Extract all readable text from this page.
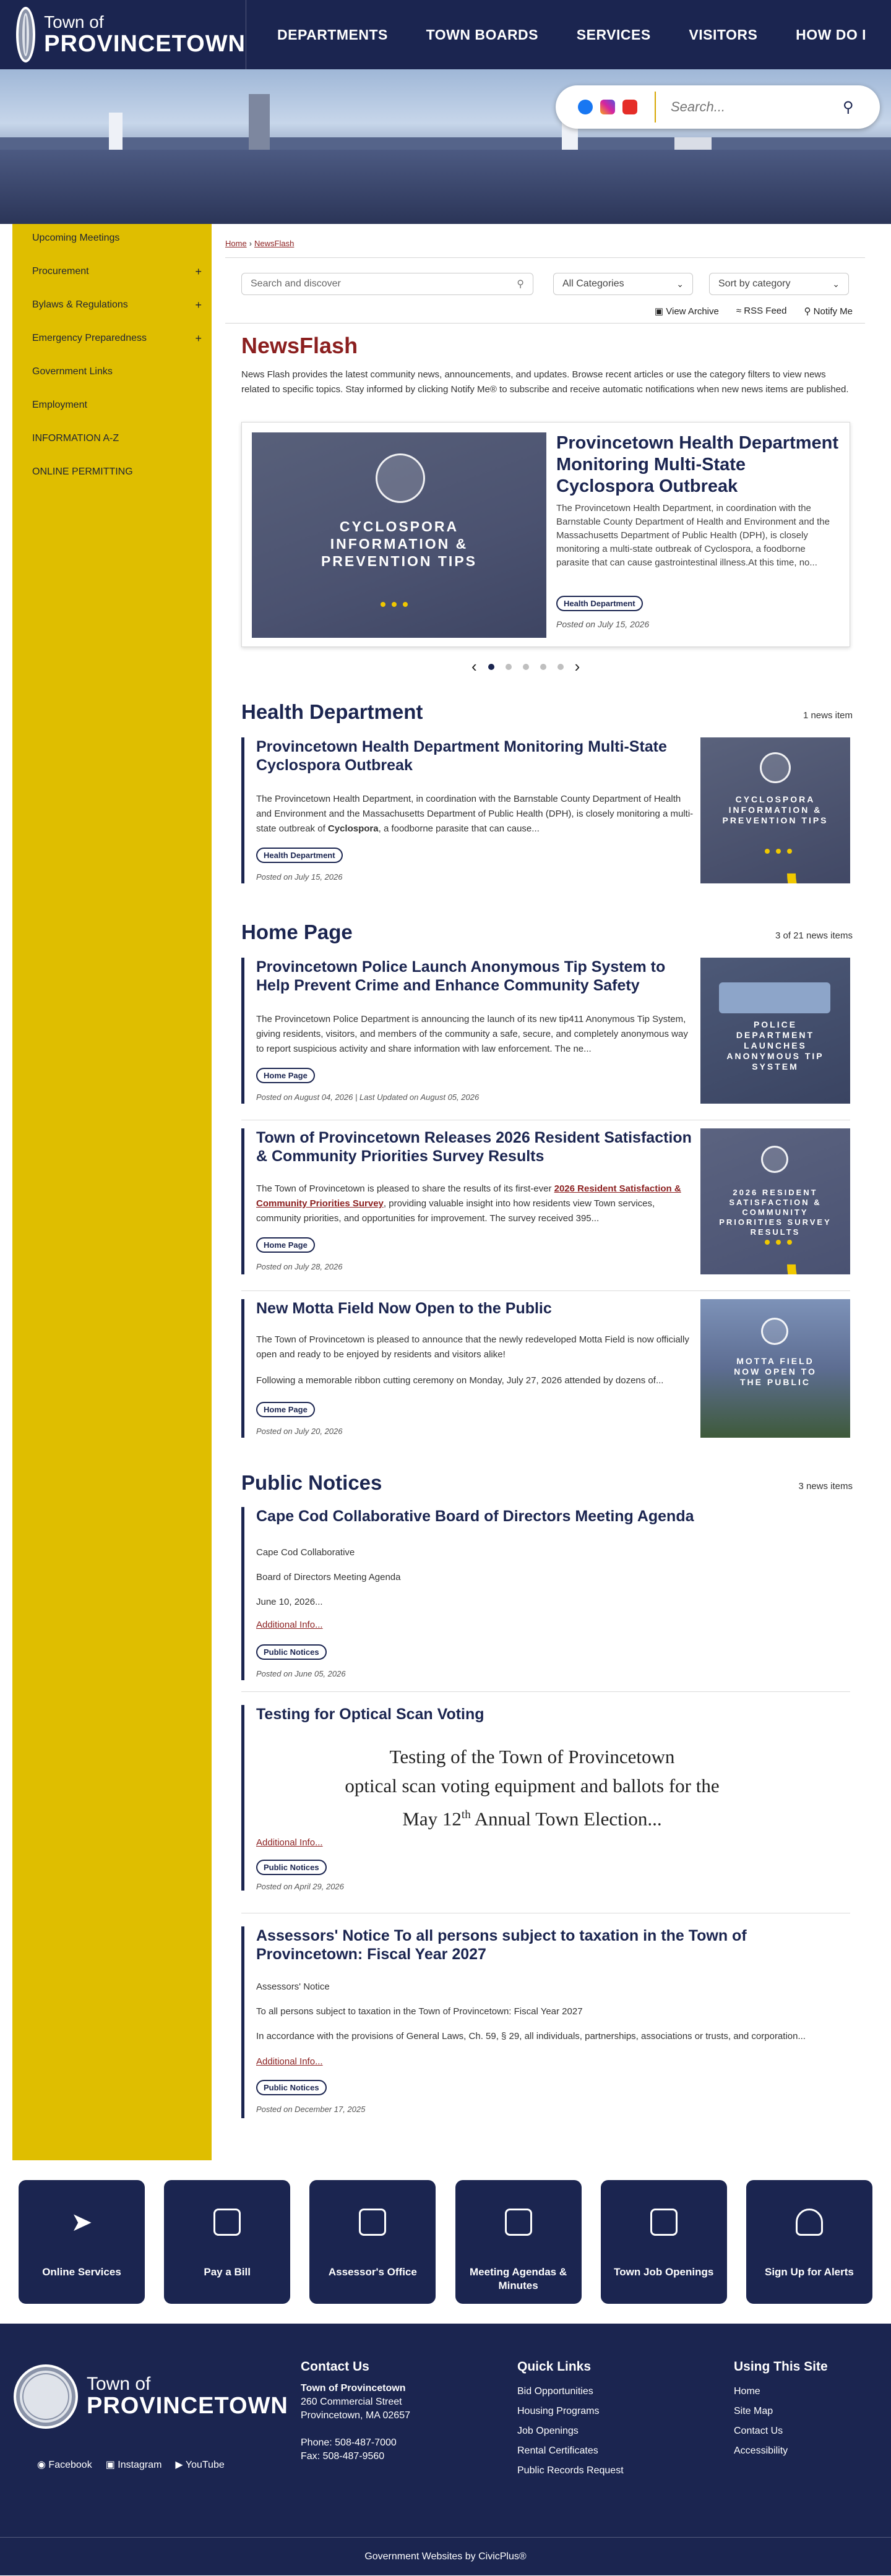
Town of
PROVINCETOWN DEPARTMENTS	TOWN BOARDS	SERVICES	VISITORS	HOW DO I
Search...
⚲
Upcoming Meetings
Procurement	+
Bylaws & Regulations	+
Emergency Preparedness	+
Government Links
Employment
INFORMATION A-Z
ONLINE PERMITTING
Home › NewsFlash
Search and discover	⚲	All Categories	⌄	Sort by category	⌄
▣ View Archive ≈ RSS Feed ⚲ Notify Me
NewsFlash

News Flash provides the latest community news, announcements, and updates. Browse recent articles or use the category filters to view news related to specific topics. Stay informed by clicking Notify Me® to subscribe and receive automatic notifications when new news items are published.

CYCLOSPORA INFORMATION & PREVENTION TIPS
Provincetown Health Department Monitoring Multi-State Cyclospora Outbreak

The Provincetown Health Department, in coordination with the Barnstable County Department of Health and Environment and the Massachusetts Department of Public Health (DPH), is closely monitoring a multi-state outbreak of Cyclospora, a foodborne parasite that can cause gastrointestinal illness.At this time, no...

Health Department
Posted on July 15, 2026
‹	›
Health Department	1 news item
Provincetown Health Department Monitoring Multi-State Cyclospora Outbreak

The Provincetown Health Department, in coordination with the Barnstable County Department of Health and Environment and the Massachusetts Department of Public Health (DPH), is closely monitoring a multi-state outbreak of Cyclospora, a foodborne parasite that can cause...

Health Department
Posted on July 15, 2026
CYCLOSPORA INFORMATION & PREVENTION TIPS
Home Page	3 of 21 news items
Provincetown Police Launch Anonymous Tip System to Help Prevent Crime and Enhance Community Safety

The Provincetown Police Department is announcing the launch of its new tip411 Anonymous Tip System, giving residents, visitors, and members of the community a safe, secure, and completely anonymous way to report suspicious activity and share information with law enforcement. The ne...

Home Page
Posted on August 04, 2026 | Last Updated on August 05, 2026
POLICE DEPARTMENT LAUNCHES ANONYMOUS TIP SYSTEM
Town of Provincetown Releases 2026 Resident Satisfaction & Community Priorities Survey Results

The Town of Provincetown is pleased to share the results of its first-ever 2026 Resident Satisfaction & Community Priorities Survey, providing valuable insight into how residents view Town services, community priorities, and opportunities for improvement. The survey received 395...

Home Page
Posted on July 28, 2026
2026 RESIDENT SATISFACTION & COMMUNITY PRIORITIES SURVEY RESULTS
New Motta Field Now Open to the Public

The Town of Provincetown is pleased to announce that the newly redeveloped Motta Field is now officially open and ready to be enjoyed by residents and visitors alike!

Following a memorable ribbon cutting ceremony on Monday, July 27, 2026 attended by dozens of...

Home Page
Posted on July 20, 2026
MOTTA FIELD NOW OPEN TO THE PUBLIC
Public Notices	3 news items
Cape Cod Collaborative Board of Directors Meeting Agenda

Cape Cod Collaborative

Board of Directors Meeting Agenda

June 10, 2026...

Additional Info...
Public Notices
Posted on June 05, 2026
Testing for Optical Scan Voting
Testing of the Town of Provincetown
optical scan voting equipment and ballots for the
May 12th Annual Town Election...
Additional Info...
Public Notices
Posted on April 29, 2026
Assessors' Notice To all persons subject to taxation in the Town of Provincetown: Fiscal Year 2027

Assessors' Notice

To all persons subject to taxation in the Town of Provincetown: Fiscal Year 2027

In accordance with the provisions of General Laws, Ch. 59, § 29, all individuals, partnerships, associations or trusts, and corporation...

Additional Info...
Public Notices
Posted on December 17, 2025
➤
Online Services	Pay a Bill	Assessor's Office	Meeting Agendas & Minutes
Town Job Openings	Sign Up for Alerts
Town of
PROVINCETOWN
◉ Facebook ▣ Instagram ▶ YouTube
Contact Us
Town of Provincetown
260 Commercial Street
Provincetown, MA 02657
Phone: 508-487-7000
Fax: 508-487-9560
Quick Links
Bid Opportunities
Housing Programs
Job Openings
Rental Certificates
Public Records Request
Using This Site
Home
Site Map
Contact Us
Accessibility
Government Websites by CivicPlus®
